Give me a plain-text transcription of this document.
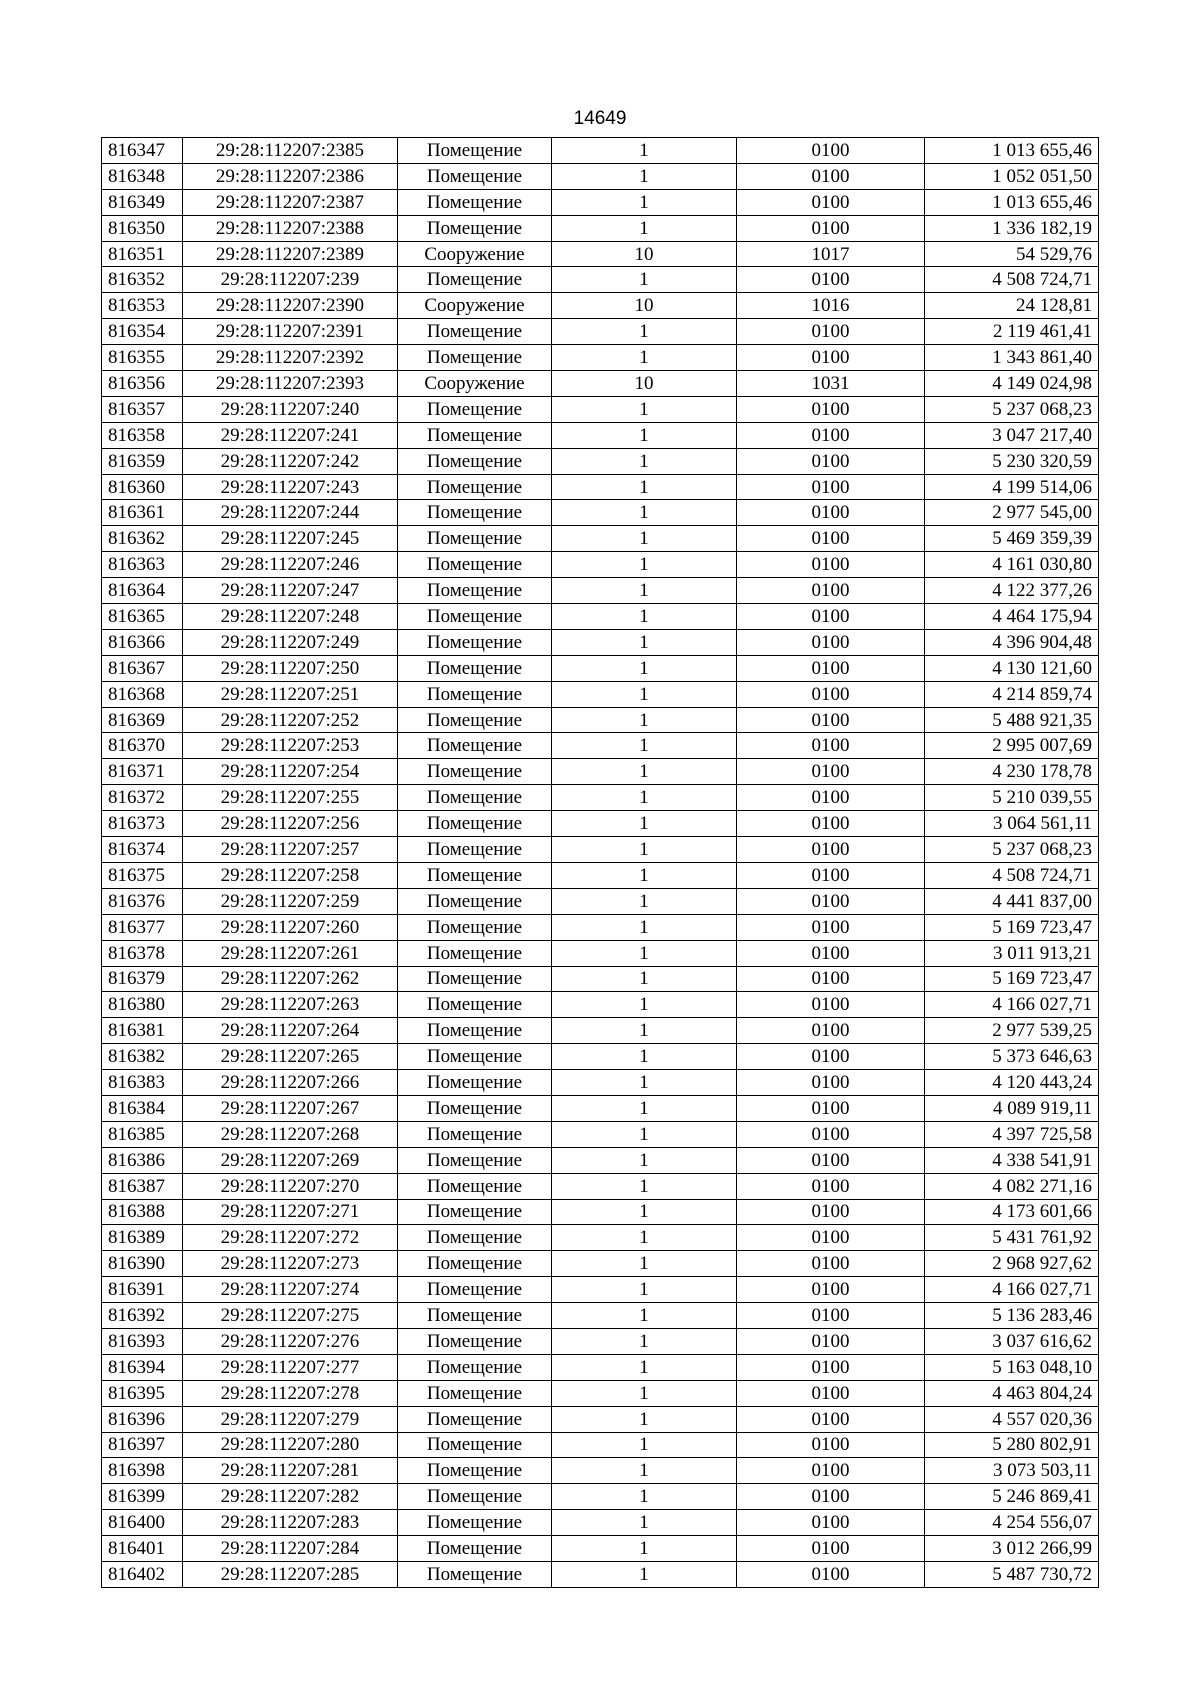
14649
816347	29:28:112207:2385	Помещение	1	0100	1 013 655,46
816348	29:28:112207:2386	Помещение	1	0100	1 052 051,50
816349	29:28:112207:2387	Помещение	1	0100	1 013 655,46
816350	29:28:112207:2388	Помещение	1	0100	1 336 182,19
816351	29:28:112207:2389	Сооружение	10	1017	54 529,76
816352	29:28:112207:239	Помещение	1	0100	4 508 724,71
816353	29:28:112207:2390	Сооружение	10	1016	24 128,81
816354	29:28:112207:2391	Помещение	1	0100	2 119 461,41
816355	29:28:112207:2392	Помещение	1	0100	1 343 861,40
816356	29:28:112207:2393	Сооружение	10	1031	4 149 024,98
816357	29:28:112207:240	Помещение	1	0100	5 237 068,23
816358	29:28:112207:241	Помещение	1	0100	3 047 217,40
816359	29:28:112207:242	Помещение	1	0100	5 230 320,59
816360	29:28:112207:243	Помещение	1	0100	4 199 514,06
816361	29:28:112207:244	Помещение	1	0100	2 977 545,00
816362	29:28:112207:245	Помещение	1	0100	5 469 359,39
816363	29:28:112207:246	Помещение	1	0100	4 161 030,80
816364	29:28:112207:247	Помещение	1	0100	4 122 377,26
816365	29:28:112207:248	Помещение	1	0100	4 464 175,94
816366	29:28:112207:249	Помещение	1	0100	4 396 904,48
816367	29:28:112207:250	Помещение	1	0100	4 130 121,60
816368	29:28:112207:251	Помещение	1	0100	4 214 859,74
816369	29:28:112207:252	Помещение	1	0100	5 488 921,35
816370	29:28:112207:253	Помещение	1	0100	2 995 007,69
816371	29:28:112207:254	Помещение	1	0100	4 230 178,78
816372	29:28:112207:255	Помещение	1	0100	5 210 039,55
816373	29:28:112207:256	Помещение	1	0100	3 064 561,11
816374	29:28:112207:257	Помещение	1	0100	5 237 068,23
816375	29:28:112207:258	Помещение	1	0100	4 508 724,71
816376	29:28:112207:259	Помещение	1	0100	4 441 837,00
816377	29:28:112207:260	Помещение	1	0100	5 169 723,47
816378	29:28:112207:261	Помещение	1	0100	3 011 913,21
816379	29:28:112207:262	Помещение	1	0100	5 169 723,47
816380	29:28:112207:263	Помещение	1	0100	4 166 027,71
816381	29:28:112207:264	Помещение	1	0100	2 977 539,25
816382	29:28:112207:265	Помещение	1	0100	5 373 646,63
816383	29:28:112207:266	Помещение	1	0100	4 120 443,24
816384	29:28:112207:267	Помещение	1	0100	4 089 919,11
816385	29:28:112207:268	Помещение	1	0100	4 397 725,58
816386	29:28:112207:269	Помещение	1	0100	4 338 541,91
816387	29:28:112207:270	Помещение	1	0100	4 082 271,16
816388	29:28:112207:271	Помещение	1	0100	4 173 601,66
816389	29:28:112207:272	Помещение	1	0100	5 431 761,92
816390	29:28:112207:273	Помещение	1	0100	2 968 927,62
816391	29:28:112207:274	Помещение	1	0100	4 166 027,71
816392	29:28:112207:275	Помещение	1	0100	5 136 283,46
816393	29:28:112207:276	Помещение	1	0100	3 037 616,62
816394	29:28:112207:277	Помещение	1	0100	5 163 048,10
816395	29:28:112207:278	Помещение	1	0100	4 463 804,24
816396	29:28:112207:279	Помещение	1	0100	4 557 020,36
816397	29:28:112207:280	Помещение	1	0100	5 280 802,91
816398	29:28:112207:281	Помещение	1	0100	3 073 503,11
816399	29:28:112207:282	Помещение	1	0100	5 246 869,41
816400	29:28:112207:283	Помещение	1	0100	4 254 556,07
816401	29:28:112207:284	Помещение	1	0100	3 012 266,99
816402	29:28:112207:285	Помещение	1	0100	5 487 730,72
